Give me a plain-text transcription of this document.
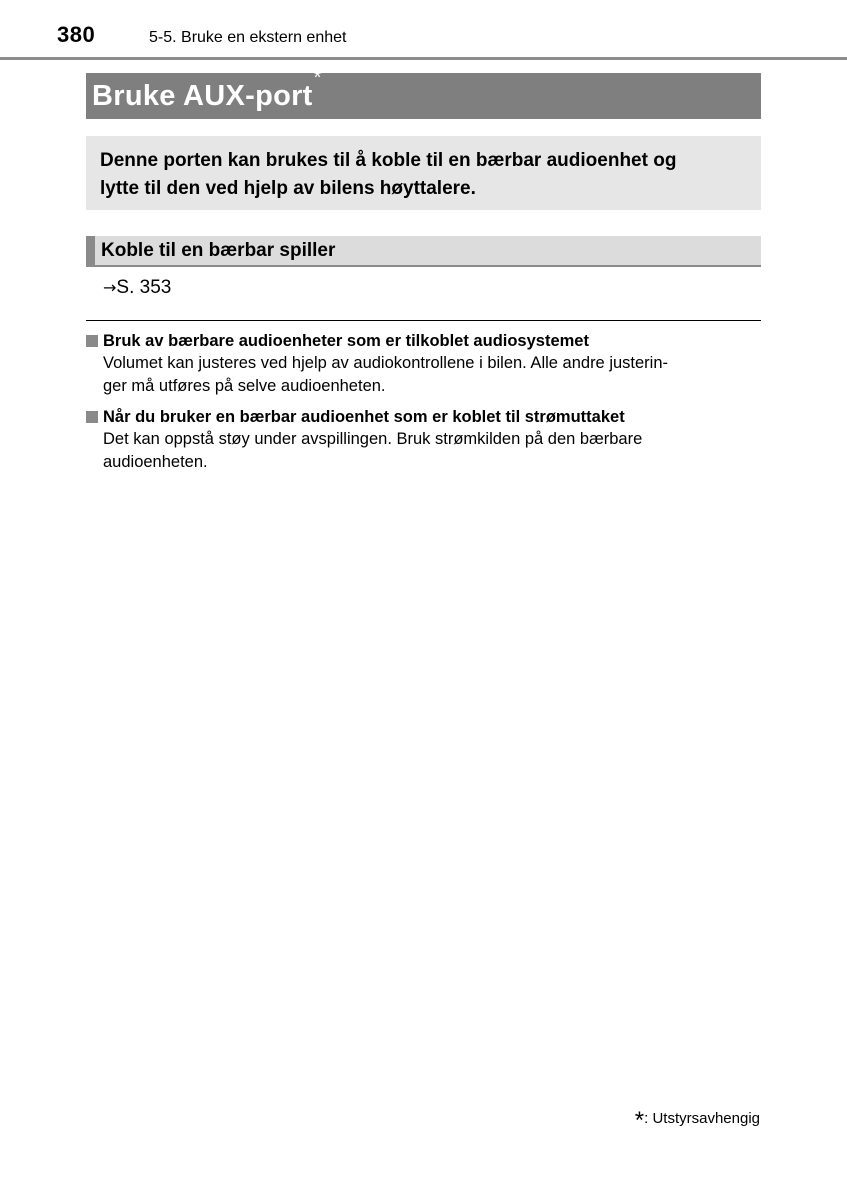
380	5-5. Bruke en ekstern enhet
Bruke AUX-port*
Denne porten kan brukes til å koble til en bærbar audioenhet og
lytte til den ved hjelp av bilens høyttalere.
Koble til en bærbar spiller
→S. 353
Bruk av bærbare audioenheter som er tilkoblet audiosystemet
Volumet kan justeres ved hjelp av audiokontrollene i bilen. Alle andre justerin-
ger må utføres på selve audioenheten.
Når du bruker en bærbar audioenhet som er koblet til strømuttaket
Det kan oppstå støy under avspillingen. Bruk strømkilden på den bærbare
audioenheten.
*: Utstyrsavhengig
